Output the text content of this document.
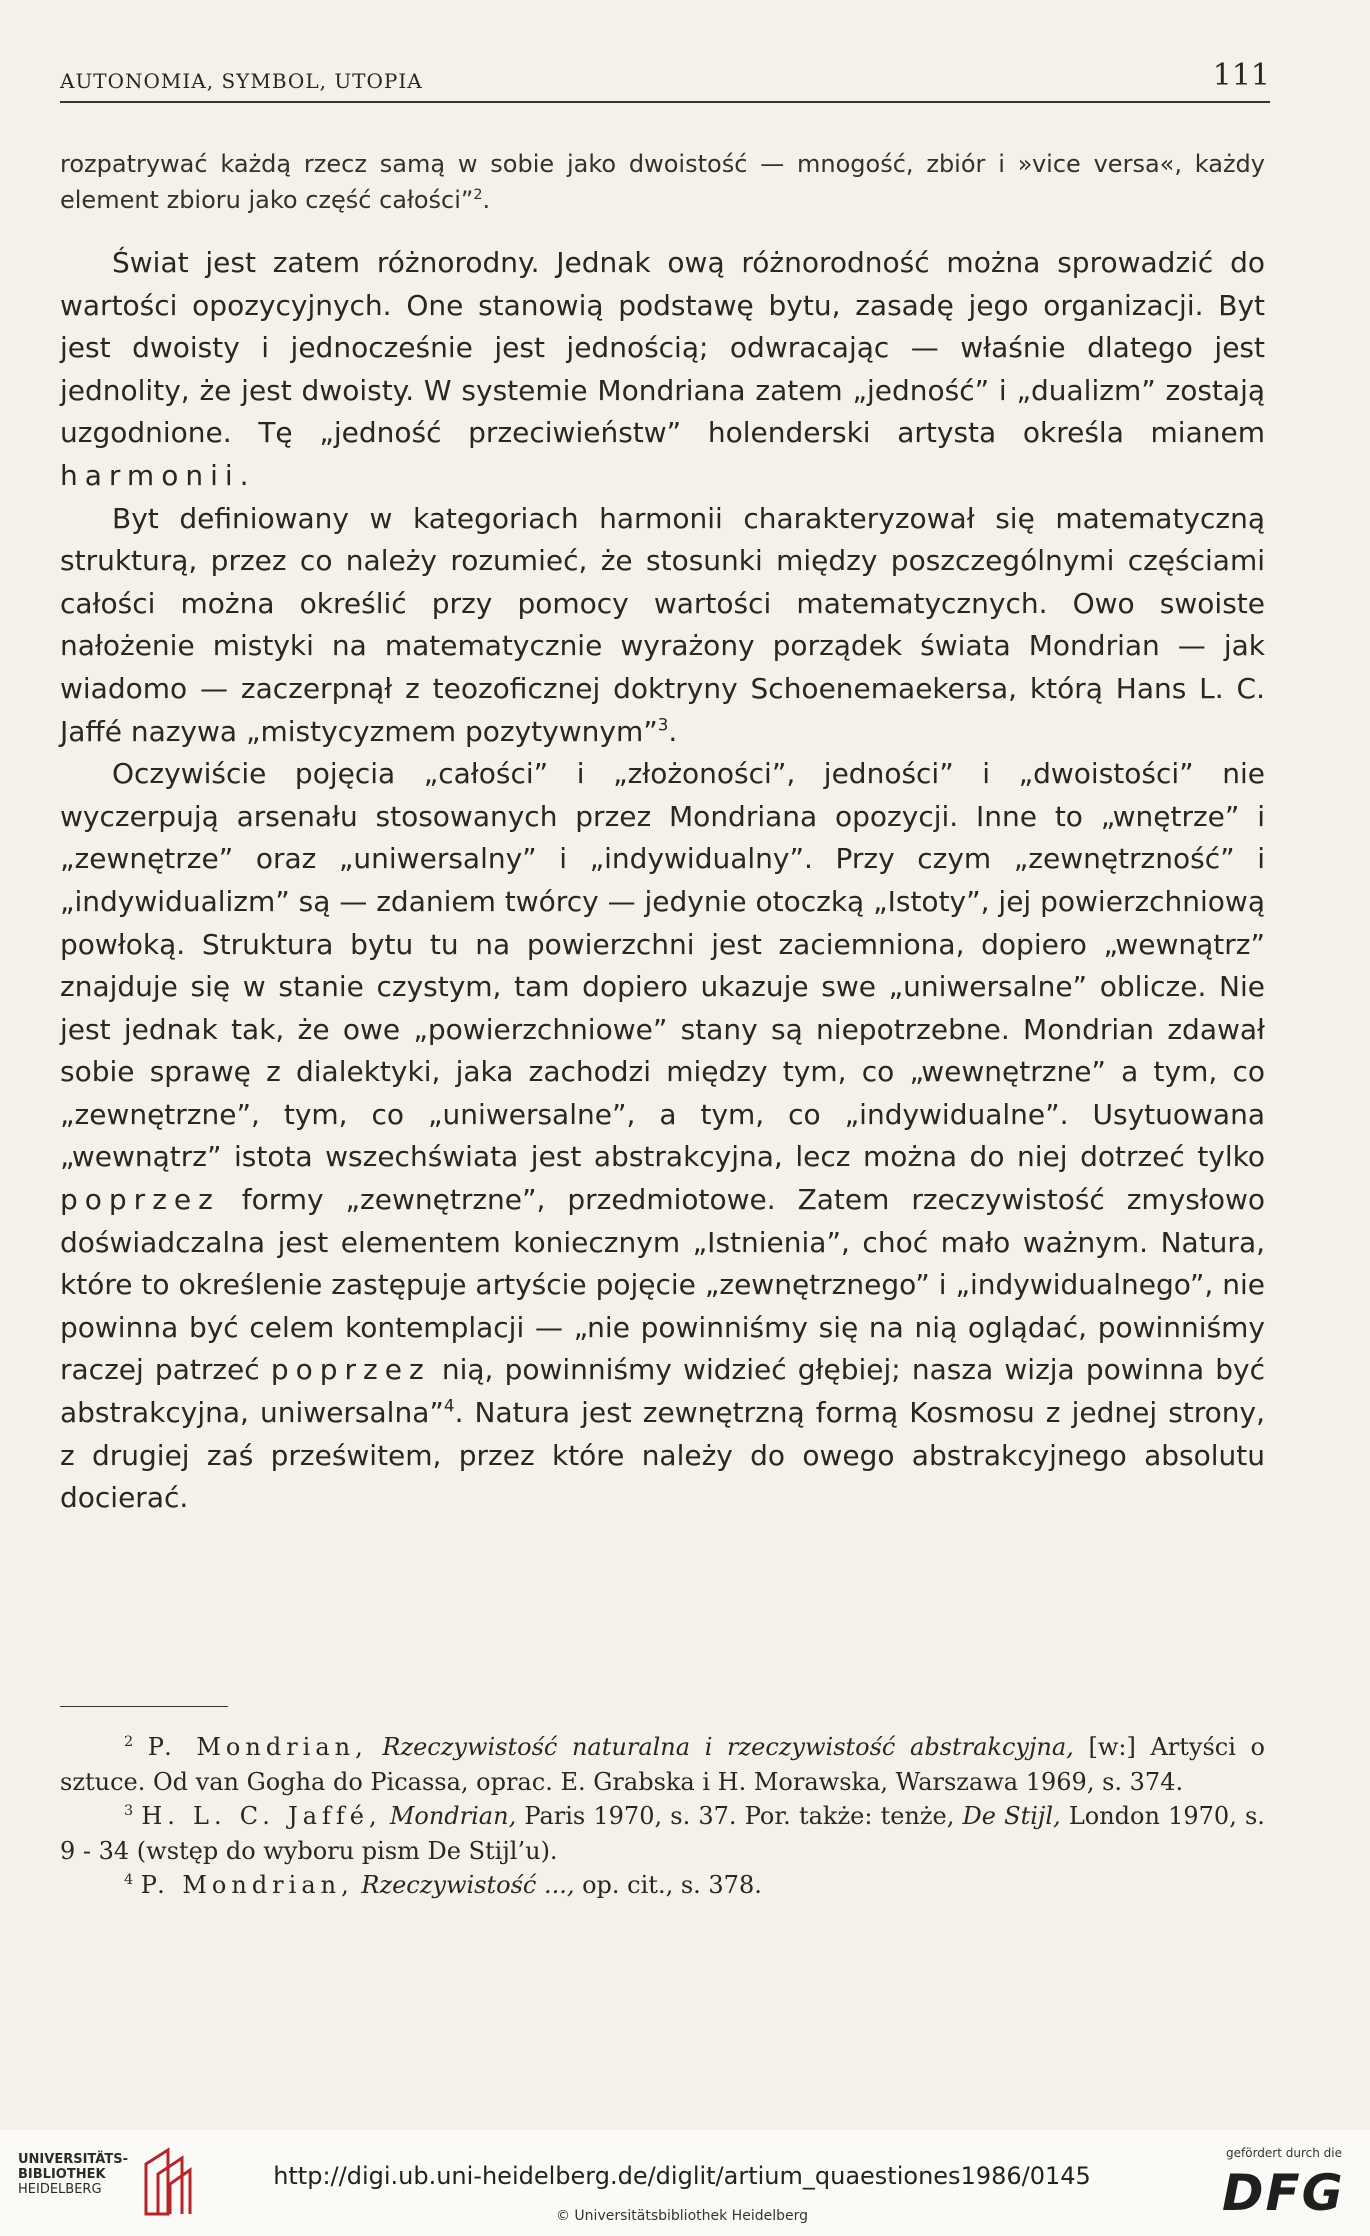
AUTONOMIA, SYMBOL, UTOPIA	111

rozpatrywać każdą rzecz samą w sobie jako dwoistość — mnogość, zbiór i »vice versa«, każdy element zbioru jako część całości”$^2$.

Świat jest zatem różnorodny. Jednak ową różnorodność można sprowadzić do wartości opozycyjnych. One stanowią podstawę bytu, zasadę jego organizacji. Byt jest dwoisty i jednocześnie jest jednością; odwracając — właśnie dlatego jest jednolity, że jest dwoisty. W systemie Mondriana zatem „jedność” i „dualizm” zostają uzgodnione. Tę „jedność przeciwieństw” holenderski artysta określa mianem harmonii.

Byt definiowany w kategoriach harmonii charakteryzował się matematyczną strukturą, przez co należy rozumieć, że stosunki między poszczególnymi częściami całości można określić przy pomocy wartości matematycznych. Owo swoiste nałożenie mistyki na matematycznie wyrażony porządek świata Mondrian — jak wiadomo — zaczerpnął z teozoficznej doktryny Schoenemaekersa, którą Hans L. C. Jaffé nazywa „mistycyzmem pozytywnym”$^3$.

Oczywiście pojęcia „całości” i „złożoności”, jedności” i „dwoistości” nie wyczerpują arsenału stosowanych przez Mondriana opozycji. Inne to „wnętrze” i „zewnętrze” oraz „uniwersalny” i „indywidualny”. Przy czym „zewnętrzność” i „indywidualizm” są — zdaniem twórcy — jedynie otoczką „Istoty”, jej powierzchniową powłoką. Struktura bytu tu na powierzchni jest zaciemniona, dopiero „wewnątrz” znajduje się w stanie czystym, tam dopiero ukazuje swe „uniwersalne” oblicze. Nie jest jednak tak, że owe „powierzchniowe” stany są niepotrzebne. Mondrian zdawał sobie sprawę z dialektyki, jaka zachodzi między tym, co „wewnętrzne” a tym, co „zewnętrzne”, tym, co „uniwersalne”, a tym, co „indywidualne”. Usytuowana „wewnątrz” istota wszechświata jest abstrakcyjna, lecz można do niej dotrzeć tylko poprzez formy „zewnętrzne”, przedmiotowe. Zatem rzeczywistość zmysłowo doświadczalna jest elementem koniecznym „Istnienia”, choć mało ważnym. Natura, które to określenie zastępuje artyście pojęcie „zewnętrznego” i „indywidualnego”, nie powinna być celem kontemplacji — „nie powinniśmy się na nią oglądać, powinniśmy raczej patrzeć poprzez nią, powinniśmy widzieć głębiej; nasza wizja powinna być abstrakcyjna, uniwersalna”$^4$. Natura jest zewnętrzną formą Kosmosu z jednej strony, z drugiej zaś prześwitem, przez które należy do owego abstrakcyjnego absolutu docierać.

$^2$ P. Mondrian, Rzeczywistość naturalna i rzeczywistość abstrakcyjna, [w:] Artyści o sztuce. Od van Gogha do Picassa, oprac. E. Grabska i H. Morawska, Warszawa 1969, s. 374.

$^3$ H. L. C. Jaffé, Mondrian, Paris 1970, s. 37. Por. także: tenże, De Stijl, London 1970, s. 9 - 34 (wstęp do wyboru pism De Stijl’u).

$^4$ P. Mondrian, Rzeczywistość ..., op. cit., s. 378.

UNIVERSITÄTS-
BIBLIOTHEK
HEIDELBERG	http://digi.ub.uni-heidelberg.de/diglit/artium_quaestiones1986/0145
© Universitätsbibliothek Heidelberg
gefördert durch die
DFG
